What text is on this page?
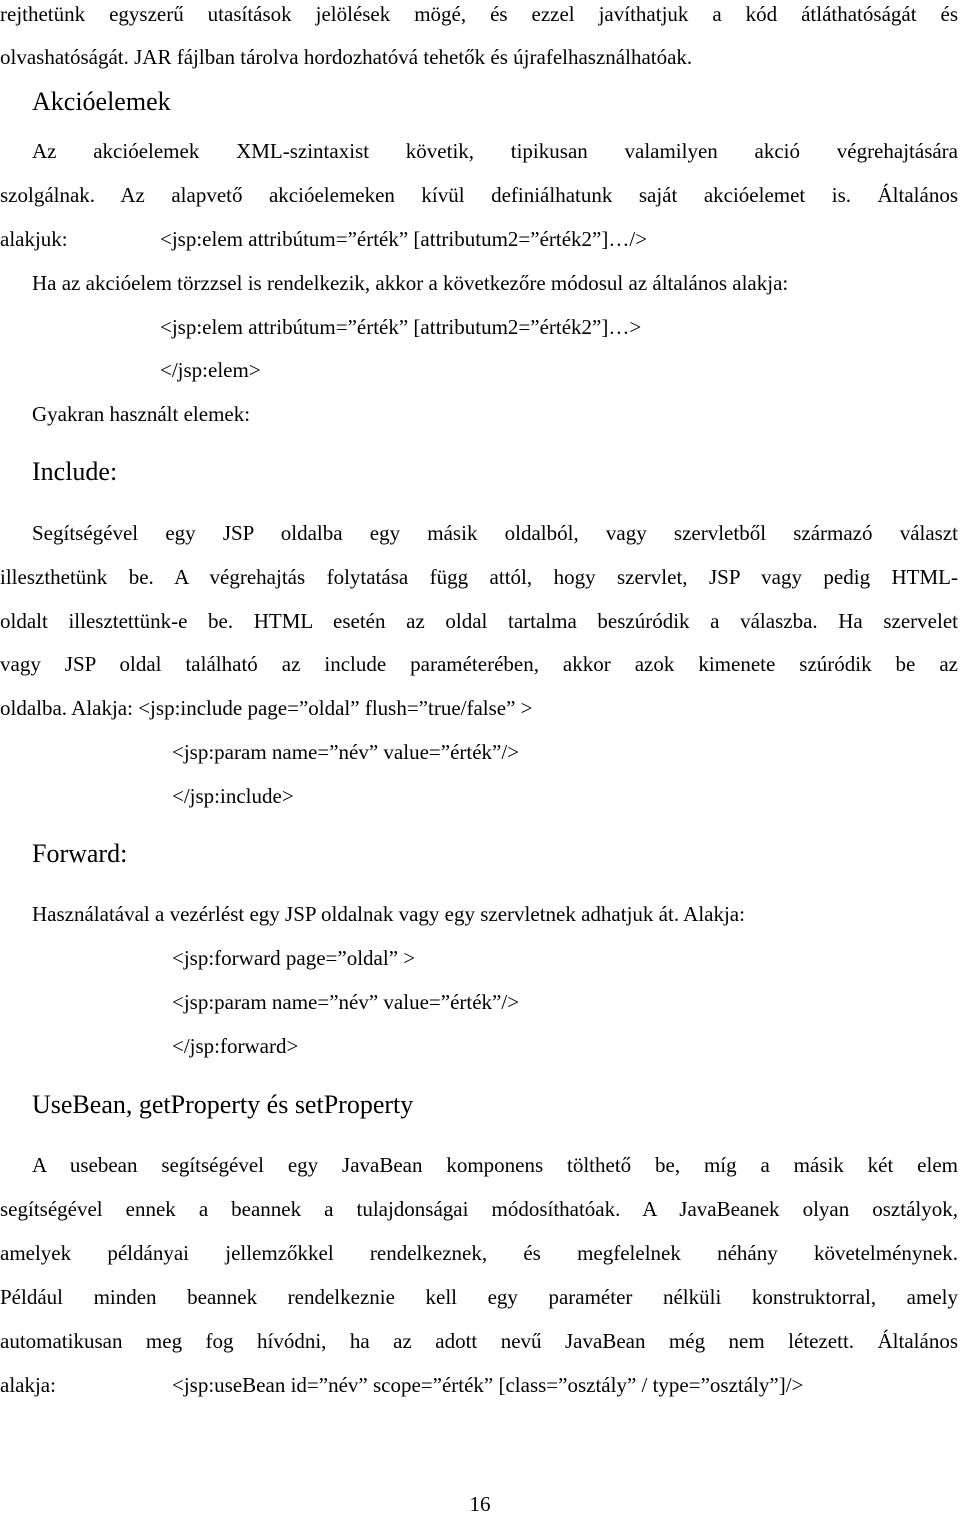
rejthetünk egyszerű utasítások jelölések mögé, és ezzel javíthatjuk a kód átláthatóságát és
olvashatóságát. JAR fájlban tárolva hordozhatóvá tehetők és újrafelhasználhatóak.
Akcióelemek
Az akcióelemek XML-szintaxist követik, tipikusan valamilyen akció végrehajtására
szolgálnak. Az alapvető akcióelemeken kívül definiálhatunk saját akcióelemet is. Általános
alakjuk:	<jsp:elem attribútum=”érték” [attributum2=”érték2”]…/>
Ha az akcióelem törzzsel is rendelkezik, akkor a következőre módosul az általános alakja:
<jsp:elem attribútum=”érték” [attributum2=”érték2”]…>
</jsp:elem>
Gyakran használt elemek:
Include:
Segítségével egy JSP oldalba egy másik oldalból, vagy szervletből származó választ
illeszthetünk be. A végrehajtás folytatása függ attól, hogy szervlet, JSP vagy pedig HTML-
oldalt illesztettünk-e be. HTML esetén az oldal tartalma beszúródik a válaszba. Ha szervelet
vagy JSP oldal található az include paraméterében, akkor azok kimenete szúródik be az
oldalba. Alakja: <jsp:include page=”oldal” flush=”true/false” >
<jsp:param name=”név” value=”érték”/>
</jsp:include>
Forward:
Használatával a vezérlést egy JSP oldalnak vagy egy szervletnek adhatjuk át. Alakja:
<jsp:forward page=”oldal” >
<jsp:param name=”név” value=”érték”/>
</jsp:forward>
UseBean, getProperty és setProperty
A usebean segítségével egy JavaBean komponens tölthető be, míg a másik két elem
segítségével ennek a beannek a tulajdonságai módosíthatóak. A JavaBeanek olyan osztályok,
amelyek példányai jellemzőkkel rendelkeznek, és megfelelnek néhány követelménynek.
Például minden beannek rendelkeznie kell egy paraméter nélküli konstruktorral, amely
automatikusan meg fog hívódni, ha az adott nevű JavaBean még nem létezett. Általános
alakja:	<jsp:useBean id=”név” scope=”érték” [class=”osztály” / type=”osztály”]/>
16
